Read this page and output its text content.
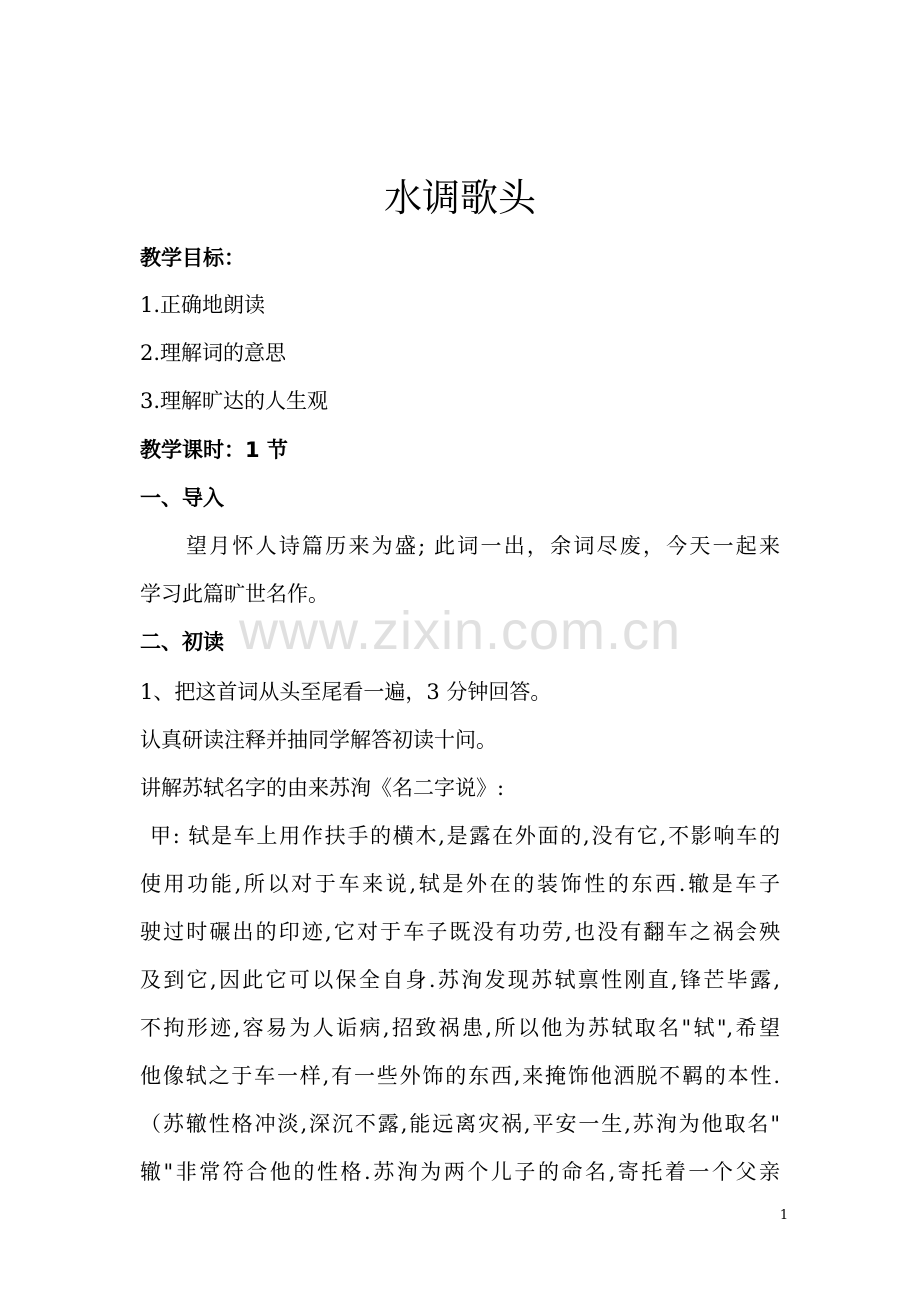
水调歌头
www.zixin.com.cn
教学目标：
1.正确地朗读
2.理解词的意思
3.理解旷达的人生观
教学课时：1 节
一、导入
望月怀人诗篇历来为盛; 此词一出，余词尽废，今天一起来
学习此篇旷世名作。
二、初读
1、把这首词从头至尾看一遍，3 分钟回答。
认真研读注释并抽同学解答初读十问。
讲解苏轼名字的由来苏洵《名二字说》:
甲: 轼是车上用作扶手的横木,是露在外面的,没有它,不影响车的
使用功能,所以对于车来说,轼是外在的装饰性的东西.辙是车子
驶过时碾出的印迹,它对于车子既没有功劳,也没有翻车之祸会殃
及到它,因此它可以保全自身.苏洵发现苏轼禀性刚直,锋芒毕露,
不拘形迹,容易为人诟病,招致祸患,所以他为苏轼取名"轼",希望
他像轼之于车一样,有一些外饰的东西,来掩饰他洒脱不羁的本性.
（苏辙性格冲淡,深沉不露,能远离灾祸,平安一生,苏洵为他取名"
辙"非常符合他的性格.苏洵为两个儿子的命名,寄托着一个父亲
1
